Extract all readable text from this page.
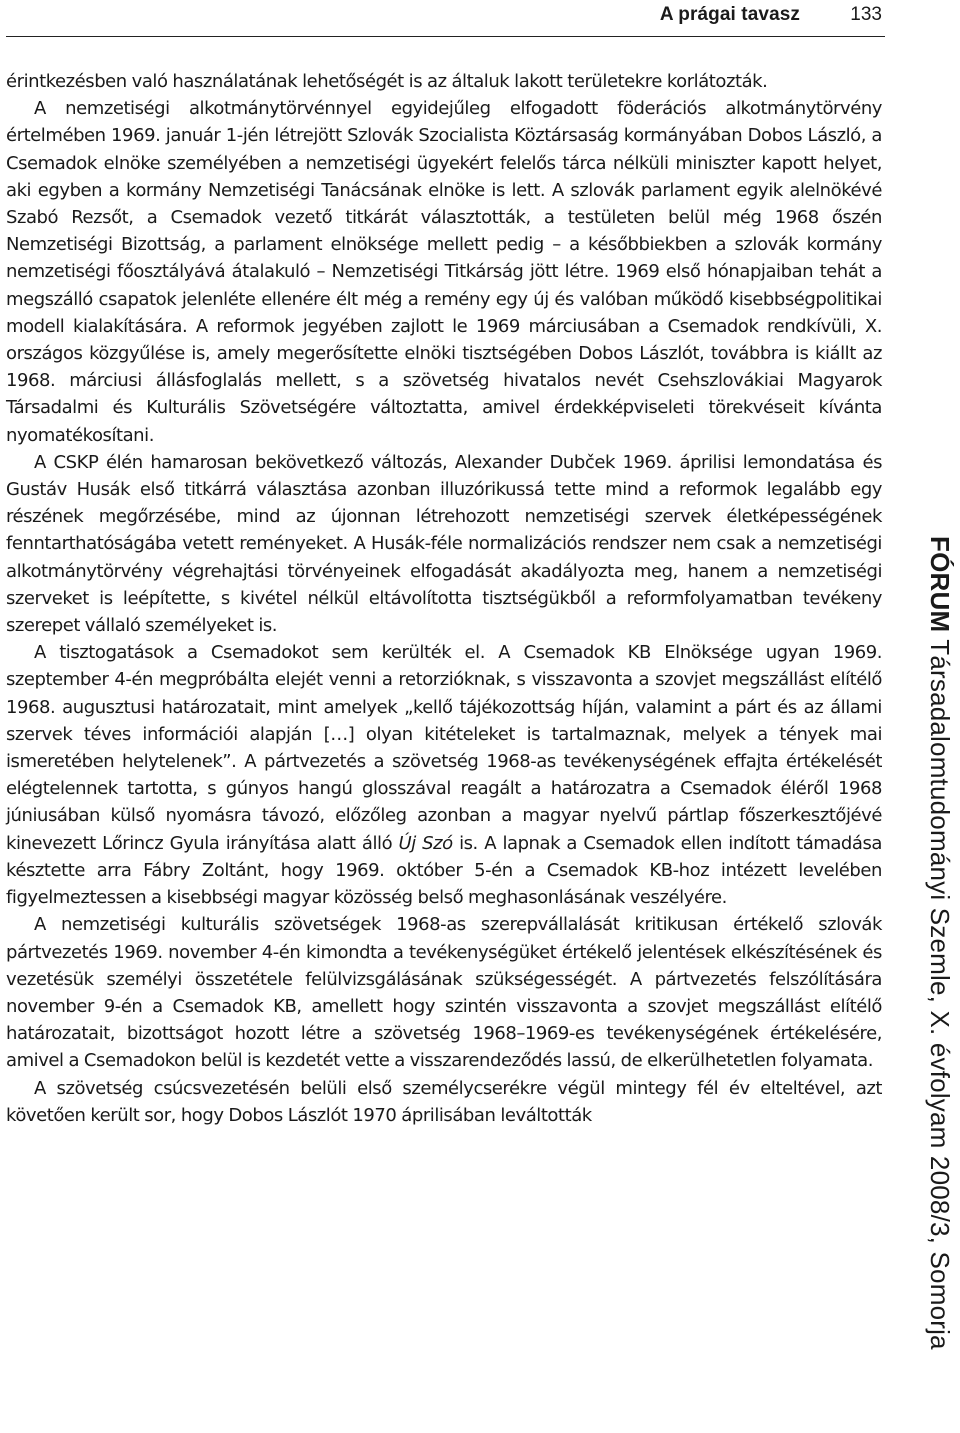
A prágai tavasz	133

érintkezésben való használatának lehetőségét is az általuk lakott területekre korlátozták.

A nemzetiségi alkotmánytörvénnyel egyidejűleg elfogadott föderációs alkotmánytörvény értelmében 1969. január 1-jén létrejött Szlovák Szocialista Köztársaság kormányában Dobos László, a Csemadok elnöke személyében a nemzetiségi ügyekért felelős tárca nélküli miniszter kapott helyet, aki egyben a kormány Nemzetiségi Tanácsának elnöke is lett. A szlovák parlament egyik alelnökévé Szabó Rezsőt, a Csemadok vezető titkárát választották, a testületen belül még 1968 őszén Nemzetiségi Bizottság, a parlament elnöksége mellett pedig – a későbbiekben a szlovák kormány nemzetiségi főosztályává átalakuló – Nemzetiségi Titkárság jött létre. 1969 első hónapjaiban tehát a megszálló csapatok jelenléte ellenére élt még a remény egy új és valóban működő kisebbségpolitikai modell kialakítására. A reformok jegyében zajlott le 1969 márciusában a Csemadok rendkívüli, X. országos közgyűlése is, amely megerősítette elnöki tisztségében Dobos Lászlót, továbbra is kiállt az 1968. márciusi állásfoglalás mellett, s a szövetség hivatalos nevét Csehszlovákiai Magyarok Társadalmi és Kulturális Szövetségére változtatta, amivel érdekképviseleti törekvéseit kívánta nyomatékosítani.

A CSKP élén hamarosan bekövetkező változás, Alexander Dubček 1969. áprilisi lemondatása és Gustáv Husák első titkárrá választása azonban illuzórikussá tette mind a reformok legalább egy részének megőrzésébe, mind az újonnan létrehozott nemzetiségi szervek életképességének fenntarthatóságába vetett reményeket. A Husák-féle normalizációs rendszer nem csak a nemzetiségi alkotmánytörvény végrehajtási törvényeinek elfogadását akadályozta meg, hanem a nemzetiségi szerveket is leépítette, s kivétel nélkül eltávolította tisztségükből a reformfolyamatban tevékeny szerepet vállaló személyeket is.

A tisztogatások a Csemadokot sem kerülték el. A Csemadok KB Elnöksége ugyan 1969. szeptember 4-én megpróbálta elejét venni a retorzióknak, s visszavonta a szovjet megszállást elítélő 1968. augusztusi határozatait, mint amelyek „kellő tájékozottság híján, valamint a párt és az állami szervek téves információi alapján […] olyan kitételeket is tartalmaznak, melyek a tények mai ismeretében helytelenek”. A pártvezetés a szövetség 1968-as tevékenységének effajta értékelését elégtelennek tartotta, s gúnyos hangú glosszával reagált a határozatra a Csemadok éléről 1968 júniusában külső nyomásra távozó, előzőleg azonban a magyar nyelvű pártlap főszerkesztőjévé kinevezett Lőrincz Gyula irányítása alatt álló Új Szó is. A lapnak a Csemadok ellen indított támadása késztette arra Fábry Zoltánt, hogy 1969. október 5-én a Csemadok KB-hoz intézett levelében figyelmeztessen a kisebbségi magyar közösség belső meghasonlásának veszélyére.

A nemzetiségi kulturális szövetségek 1968-as szerepvállalását kritikusan értékelő szlovák pártvezetés 1969. november 4-én kimondta a tevékenységüket értékelő jelentések elkészítésének és vezetésük személyi összetétele felülvizsgálásának szükségességét. A pártvezetés felszólítására november 9-én a Csemadok KB, amellett hogy szintén visszavonta a szovjet megszállást elítélő határozatait, bizottságot hozott létre a szövetség 1968–1969-es tevékenységének értékelésére, amivel a Csemadokon belül is kezdetét vette a visszarendeződés lassú, de elkerülhetetlen folyamata.

A szövetség csúcsvezetésén belüli első személycserékre végül mintegy fél év elteltével, azt követően került sor, hogy Dobos Lászlót 1970 áprilisában leváltották

FÓRUM Társadalomtudományi Szemle, X. évfolyam 2008/3, Somorja
